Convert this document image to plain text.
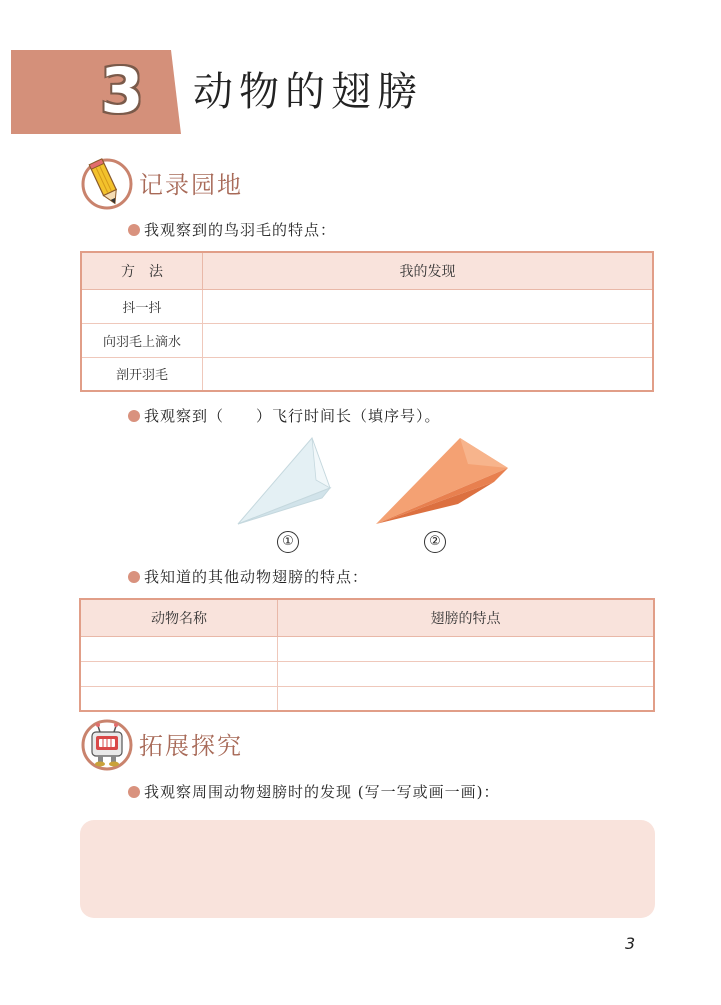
3 动物的翅膀
记录园地
我观察到的鸟羽毛的特点：
方　法	我的发现
抖一抖	
向羽毛上滴水	
剖开羽毛	
我观察到（　　）飞行时间长（填序号）。
①	②
我知道的其他动物翅膀的特点：
动物名称	翅膀的特点

拓展探究
我观察周围动物翅膀时的发现 (写一写或画一画)：
3
